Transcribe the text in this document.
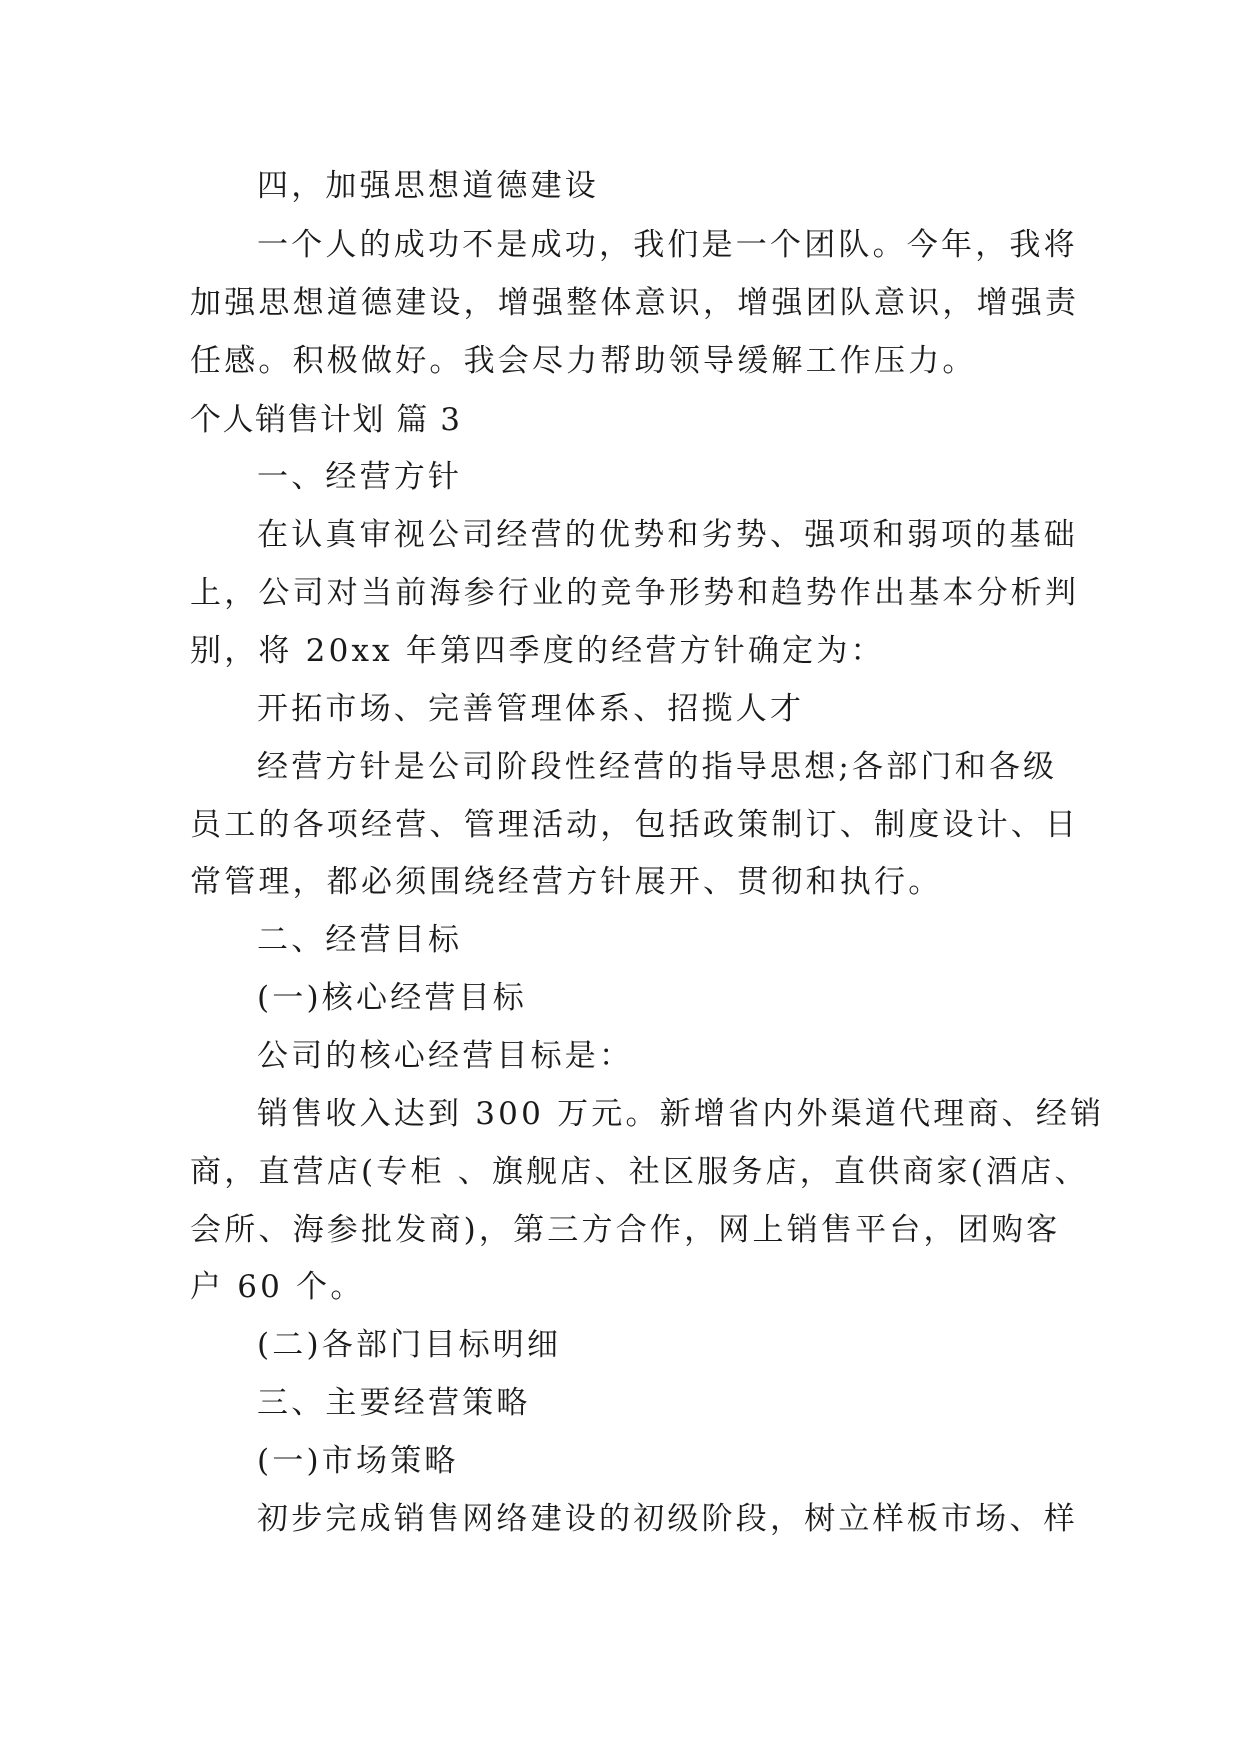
四，加强思想道德建设
一个人的成功不是成功，我们是一个团队。今年，我将
加强思想道德建设，增强整体意识，增强团队意识，增强责
任感。积极做好。我会尽力帮助领导缓解工作压力。
个人销售计划 篇 3
一、经营方针
在认真审视公司经营的优势和劣势、强项和弱项的基础
上，公司对当前海参行业的竞争形势和趋势作出基本分析判
别，将 20xx 年第四季度的经营方针确定为：
开拓市场、完善管理体系、招揽人才
经营方针是公司阶段性经营的指导思想;各部门和各级
员工的各项经营、管理活动，包括政策制订、制度设计、日
常管理，都必须围绕经营方针展开、贯彻和执行。
二、经营目标
(一)核心经营目标
公司的核心经营目标是：
销售收入达到 300 万元。新增省内外渠道代理商、经销
商，直营店(专柜 、旗舰店、社区服务店，直供商家(酒店、
会所、海参批发商)，第三方合作，网上销售平台，团购客
户 60 个。
(二)各部门目标明细
三、主要经营策略
(一)市场策略
初步完成销售网络建设的初级阶段，树立样板市场、样
